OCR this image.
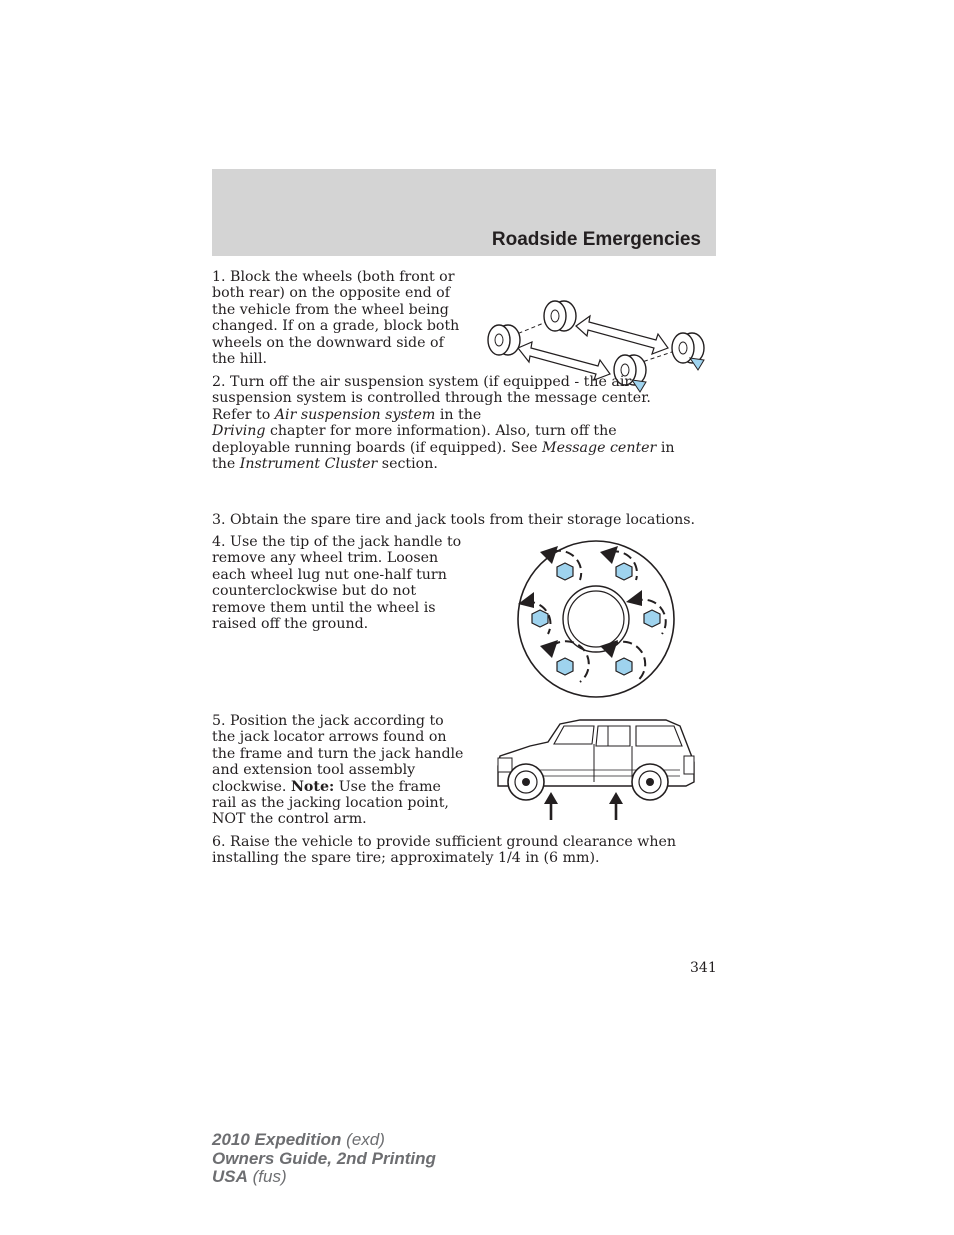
Roadside Emergencies

1. Block the wheels (both front or both rear) on the opposite end of the vehicle from the wheel being changed. If on a grade, block both wheels on the downward side of the hill.

2. Turn off the air suspension system (if equipped - the air suspension system is controlled through the message center. Refer to Air suspension system in the
Driving chapter for more information). Also, turn off the deployable running boards (if equipped). See Message center in the Instrument Cluster section.

3. Obtain the spare tire and jack tools from their storage locations.

4. Use the tip of the jack handle to remove any wheel trim. Loosen each wheel lug nut one-half turn counterclockwise but do not remove them until the wheel is raised off the ground.

5. Position the jack according to the jack locator arrows found on the frame and turn the jack handle and extension tool assembly clockwise. Note: Use the frame rail as the jacking location point, NOT the control arm.

6. Raise the vehicle to provide sufficient ground clearance when installing the spare tire; approximately 1/4 in (6 mm).

341
2010 Expedition (exd)
Owners Guide, 2nd Printing
USA (fus)
